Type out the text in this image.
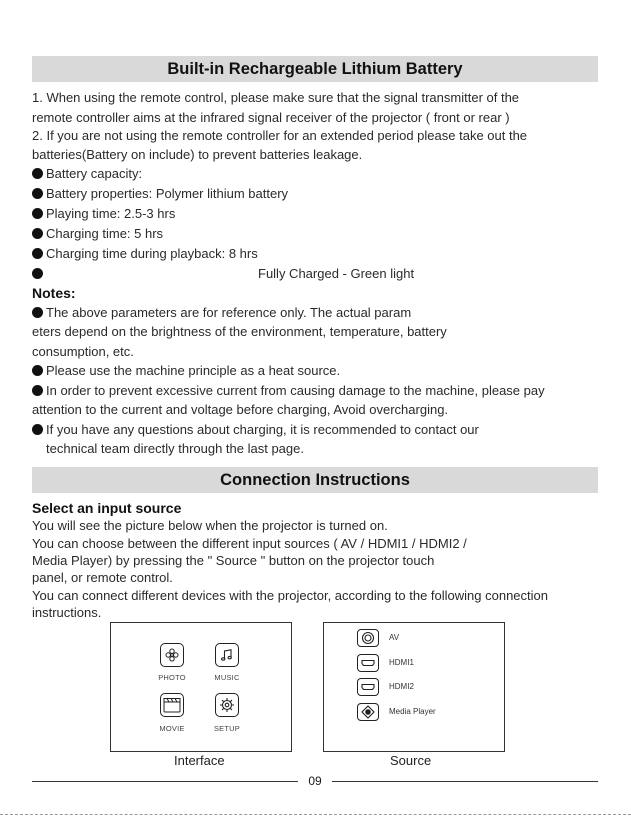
Built-in Rechargeable Lithium Battery
1. When using the remote control, please make sure that the signal transmitter of the
remote controller aims at the infrared signal receiver of the projector ( front or rear )
2. If you are not using the remote controller for an extended period please take out the
batteries(Battery on include) to prevent batteries leakage.
Battery capacity:
Battery properties: Polymer lithium battery
Playing time: 2.5-3 hrs
Charging time: 5 hrs
Charging time during playback: 8 hrs
Fully Charged - Green light
Notes:
The above parameters are for reference only. The actual param
eters depend on the brightness of the environment, temperature, battery
consumption, etc.
Please use the machine principle as a heat source.
In order to prevent excessive current from causing damage to the machine, please pay
attention to the current and voltage before charging, Avoid overcharging.
If you have any questions about charging, it is recommended to contact our
technical team directly through the last page.
Connection Instructions
Select an input source
You will see the picture below when the projector is turned on.
You can choose between the different input sources ( AV / HDMI1 / HDMI2 /
Media Player) by pressing the " Source " button on the projector touch
panel, or remote control.
You can connect different devices with the projector, according to the following connection
instructions.
PHOTO	MUSIC
MOVIE	SETUP
Interface
AV
HDMI1
HDMI2
Media Player
Source
09
